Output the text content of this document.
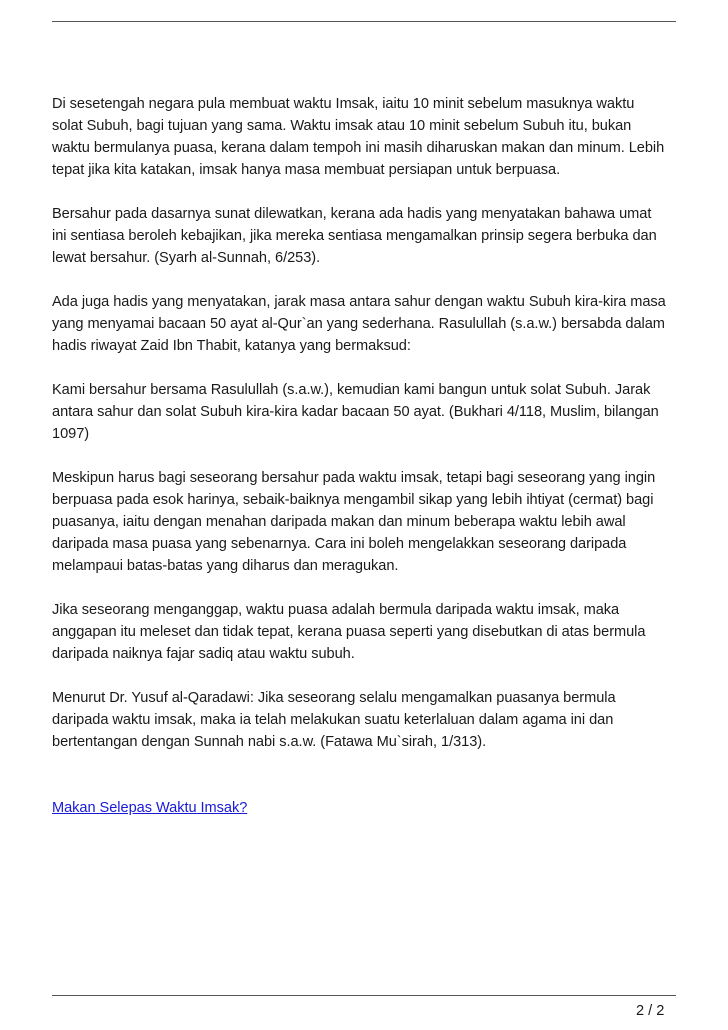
Di sesetengah negara pula membuat waktu Imsak, iaitu 10 minit sebelum masuknya waktu
solat Subuh, bagi tujuan yang sama. Waktu imsak atau 10 minit sebelum Subuh itu, bukan
waktu bermulanya puasa, kerana dalam tempoh ini masih diharuskan makan dan minum. Lebih
tepat jika kita katakan, imsak hanya masa membuat persiapan untuk berpuasa.

Bersahur pada dasarnya sunat dilewatkan, kerana ada hadis yang menyatakan bahawa umat
ini sentiasa beroleh kebajikan, jika mereka sentiasa mengamalkan prinsip segera berbuka dan
lewat bersahur. (Syarh al-Sunnah, 6/253).

Ada juga hadis yang menyatakan, jarak masa antara sahur dengan waktu Subuh kira-kira masa
yang menyamai bacaan 50 ayat al-Qur`an yang sederhana. Rasulullah (s.a.w.) bersabda dalam
hadis riwayat Zaid Ibn Thabit, katanya yang bermaksud:

Kami bersahur bersama Rasulullah (s.a.w.), kemudian kami bangun untuk solat Subuh. Jarak
antara sahur dan solat Subuh kira-kira kadar bacaan 50 ayat. (Bukhari 4/118, Muslim, bilangan
1097)

Meskipun harus bagi seseorang bersahur pada waktu imsak, tetapi bagi seseorang yang ingin
berpuasa pada esok harinya, sebaik-baiknya mengambil sikap yang lebih ihtiyat (cermat) bagi
puasanya, iaitu dengan menahan daripada makan dan minum beberapa waktu lebih awal
daripada masa puasa yang sebenarnya. Cara ini boleh mengelakkan seseorang daripada
melampaui batas-batas yang diharus dan meragukan.

Jika seseorang menganggap, waktu puasa adalah bermula daripada waktu imsak, maka
anggapan itu meleset dan tidak tepat, kerana puasa seperti yang disebutkan di atas bermula
daripada naiknya fajar sadiq atau waktu subuh.

Menurut Dr. Yusuf al-Qaradawi: Jika seseorang selalu mengamalkan puasanya bermula
daripada waktu imsak, maka ia telah melakukan suatu keterlaluan dalam agama ini dan
bertentangan dengan Sunnah nabi s.a.w. (Fatawa Mu`sirah, 1/313).

Makan Selepas Waktu Imsak?

2 / 2
